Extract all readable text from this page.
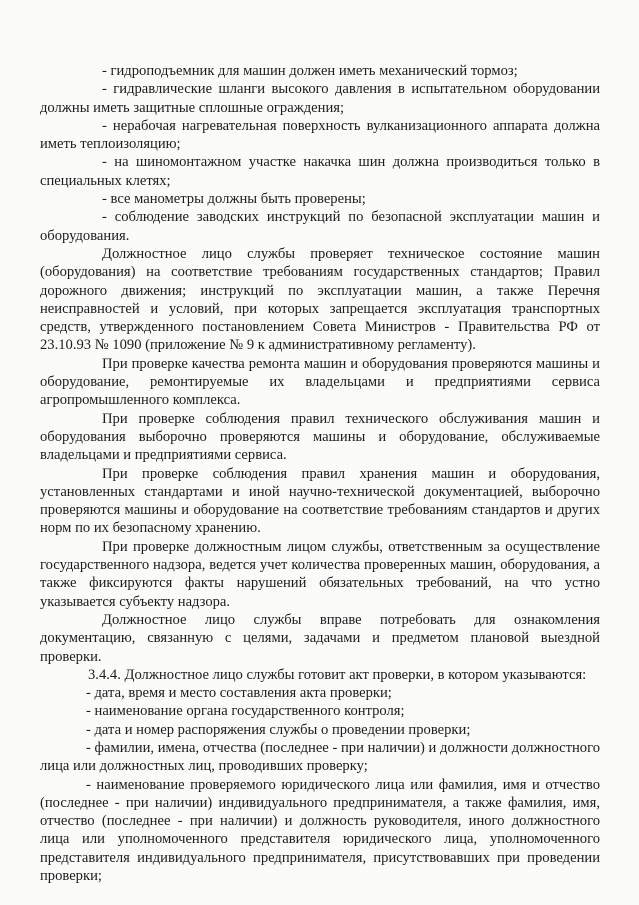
- гидроподъемник для машин должен иметь механический тормоз;

- гидравлические шланги высокого давления в испытательном оборудовании должны иметь защитные сплошные ограждения;

- нерабочая нагревательная поверхность вулканизационного аппарата должна иметь теплоизоляцию;

- на шиномонтажном участке накачка шин должна производиться только в специальных клетях;

- все манометры должны быть проверены;

- соблюдение заводских инструкций по безопасной эксплуатации машин и оборудования.

Должностное лицо службы проверяет техническое состояние машин (оборудования) на соответствие требованиям государственных стандартов; Правил дорожного движения; инструкций по эксплуатации машин, а также Перечня неисправностей и условий, при которых запрещается эксплуатация транспортных средств, утвержденного постановлением Совета Министров - Правительства РФ от 23.10.93 № 1090 (приложение № 9 к административному регламенту).

При проверке качества ремонта машин и оборудования проверяются машины и оборудование, ремонтируемые их владельцами и предприятиями сервиса агропромышленного комплекса.

При проверке соблюдения правил технического обслуживания машин и оборудования выборочно проверяются машины и оборудование, обслуживаемые владельцами и предприятиями сервиса.

При проверке соблюдения правил хранения машин и оборудования, установленных стандартами и иной научно-технической документацией, выборочно проверяются машины и оборудование на соответствие требованиям стандартов и других норм по их безопасному хранению.

При проверке должностным лицом службы, ответственным за осуществление государственного надзора, ведется учет количества проверенных машин, оборудования, а также фиксируются факты нарушений обязательных требований, на что устно указывается субъекту надзора.

Должностное лицо службы вправе потребовать для ознакомления документацию, связанную с целями, задачами и предметом плановой выездной проверки.

3.4.4. Должностное лицо службы готовит акт проверки, в котором указываются:

- дата, время и место составления акта проверки;

- наименование органа государственного контроля;

- дата и номер распоряжения службы о проведении проверки;

- фамилии, имена, отчества (последнее - при наличии) и должности должностного лица или должностных лиц, проводивших проверку;

- наименование проверяемого юридического лица или фамилия, имя и отчество (последнее - при наличии) индивидуального предпринимателя, а также фамилия, имя, отчество (последнее - при наличии) и должность руководителя, иного должностного лица или уполномоченного представителя юридического лица, уполномоченного представителя индивидуального предпринимателя, присутствовавших при проведении проверки;
